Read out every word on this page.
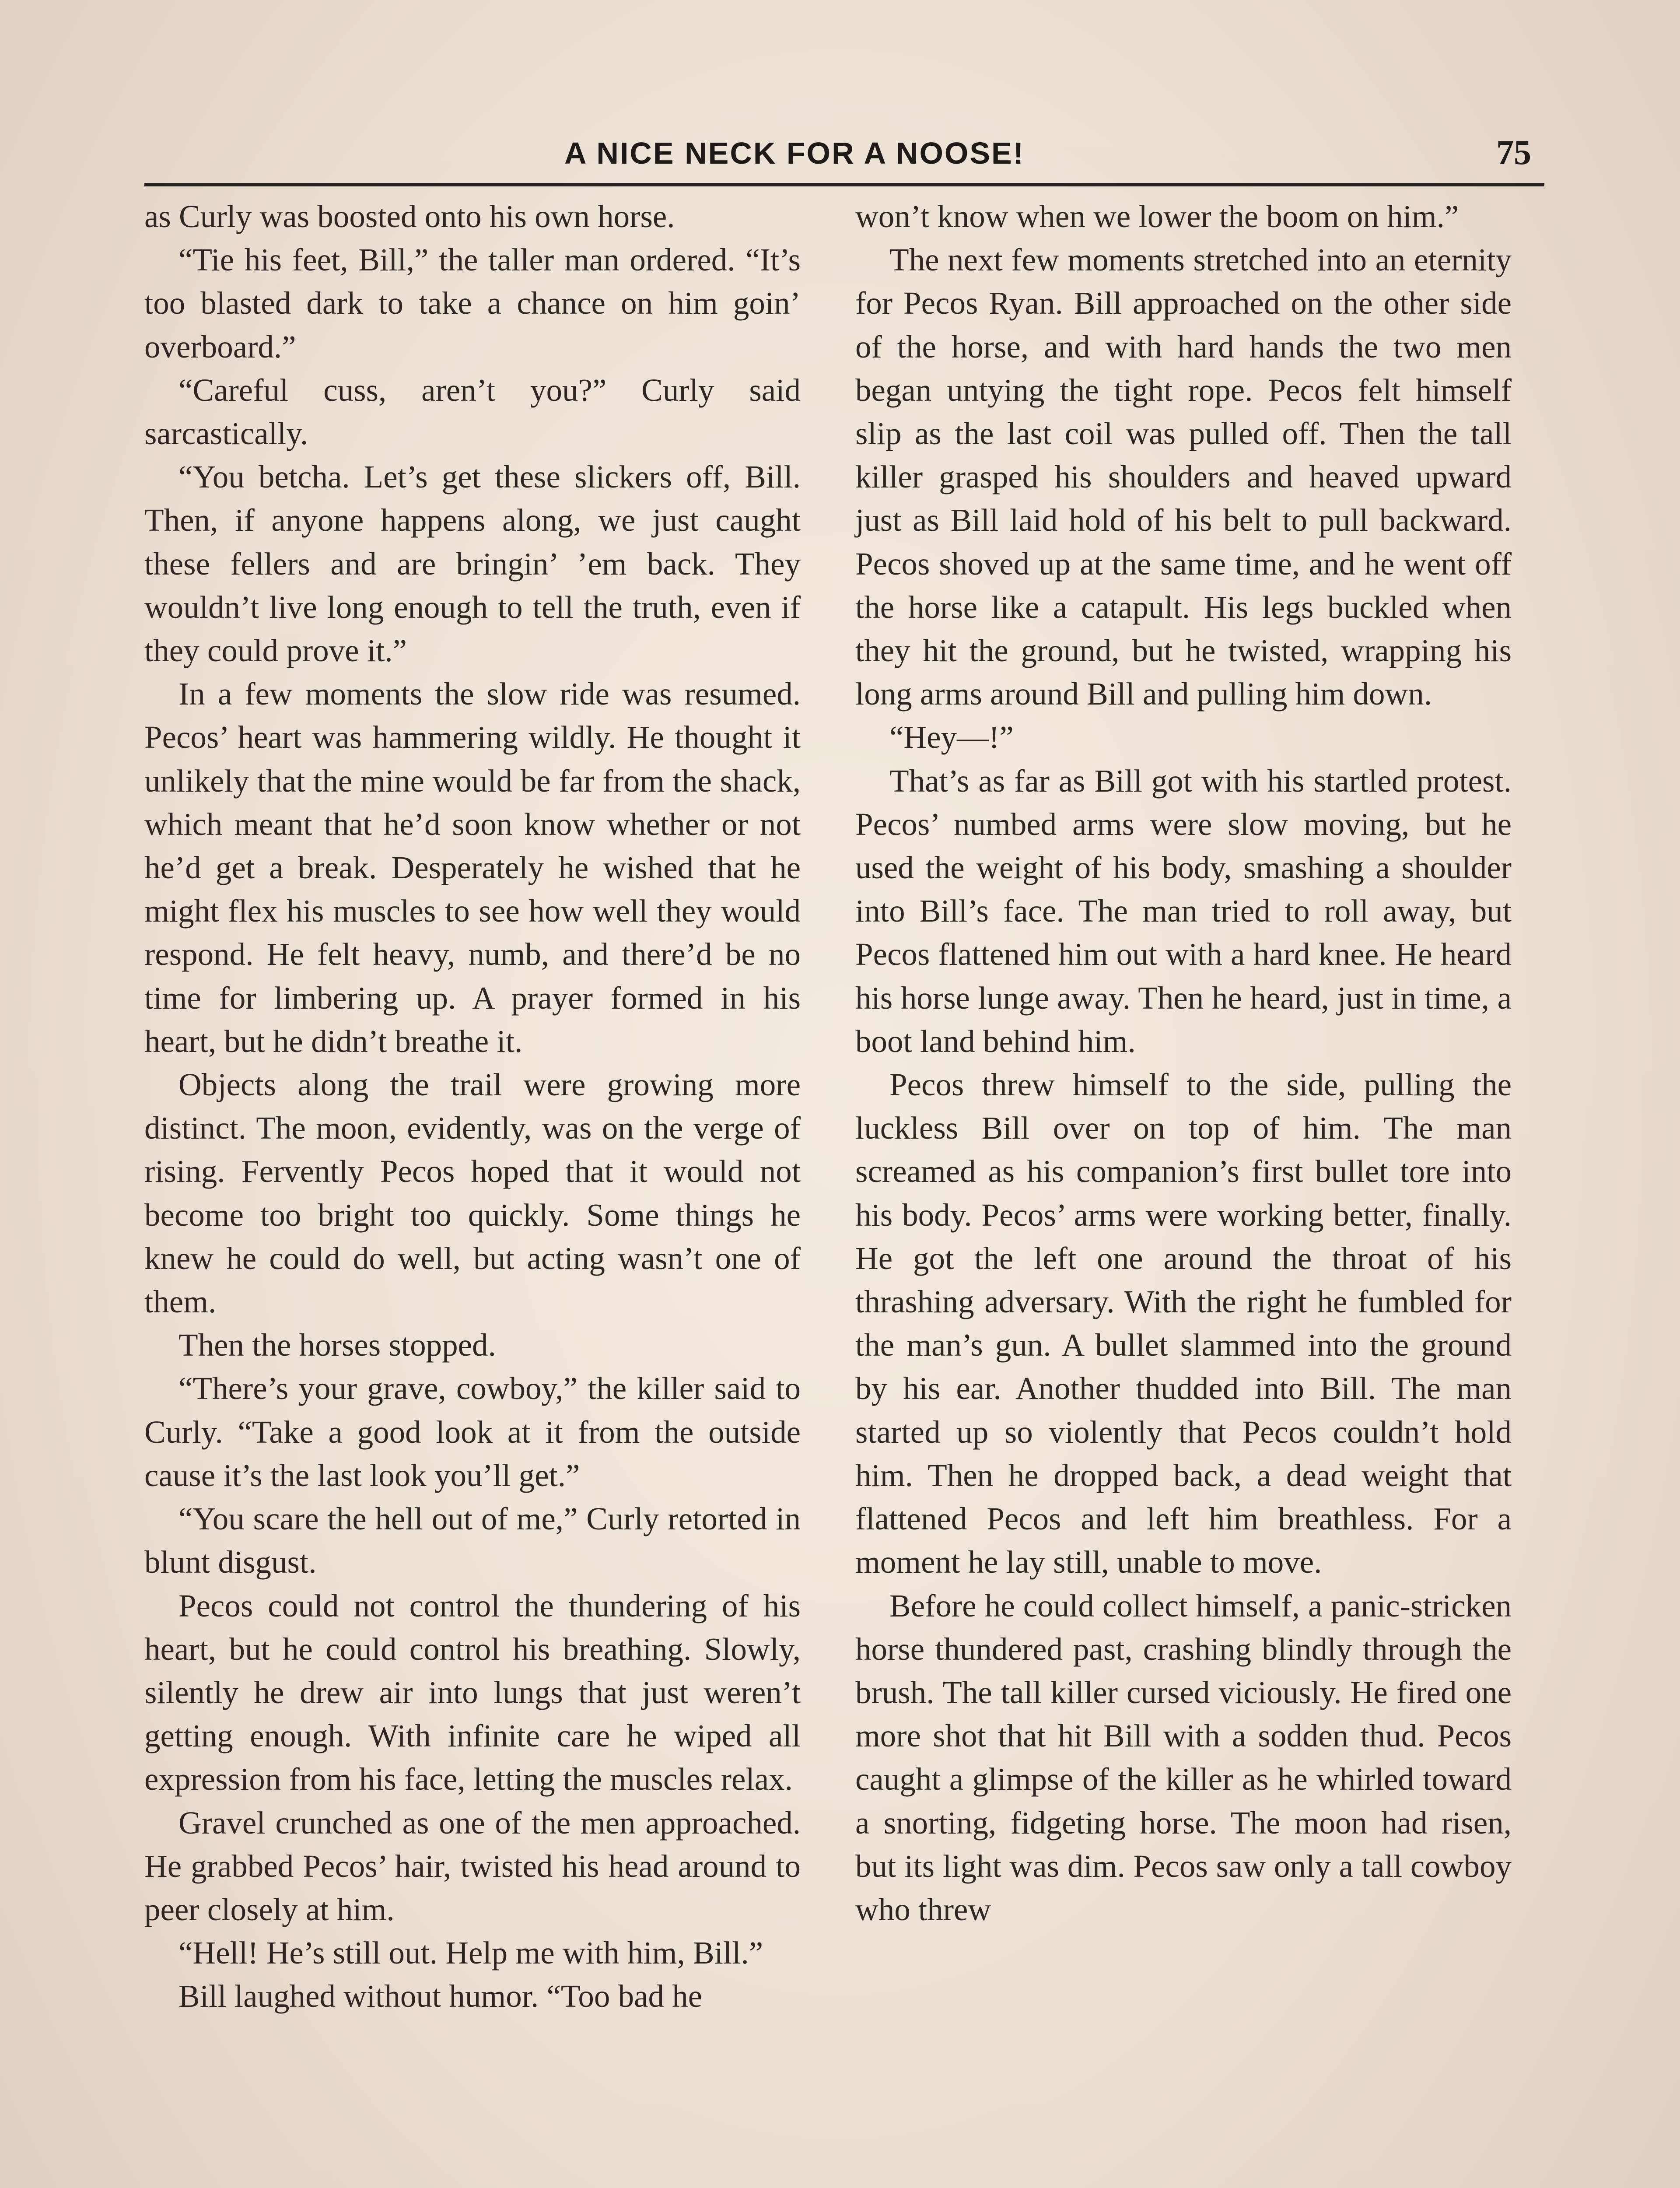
A NICE NECK FOR A NOOSE!	75

as Curly was boosted onto his own horse.

“Tie his feet, Bill,” the taller man ordered. “It’s too blasted dark to take a chance on him goin’ overboard.”

“Careful cuss, aren’t you?” Curly said sarcastically.

“You betcha. Let’s get these slickers off, Bill. Then, if anyone happens along, we just caught these fellers and are bringin’ ’em back. They wouldn’t live long enough to tell the truth, even if they could prove it.”

In a few moments the slow ride was resumed. Pecos’ heart was hammering wildly. He thought it unlikely that the mine would be far from the shack, which meant that he’d soon know whether or not he’d get a break. Desperately he wished that he might flex his muscles to see how well they would respond. He felt heavy, numb, and there’d be no time for limbering up. A prayer formed in his heart, but he didn’t breathe it.

Objects along the trail were growing more distinct. The moon, evidently, was on the verge of rising. Fervently Pecos hoped that it would not become too bright too quickly. Some things he knew he could do well, but acting wasn’t one of them.

Then the horses stopped.

“There’s your grave, cowboy,” the killer said to Curly. “Take a good look at it from the outside cause it’s the last look you’ll get.”

“You scare the hell out of me,” Curly retorted in blunt disgust.

Pecos could not control the thundering of his heart, but he could control his breathing. Slowly, silently he drew air into lungs that just weren’t getting enough. With infinite care he wiped all expression from his face, letting the muscles relax.

Gravel crunched as one of the men approached. He grabbed Pecos’ hair, twisted his head around to peer closely at him.

“Hell! He’s still out. Help me with him, Bill.”

Bill laughed without humor. “Too bad he

won’t know when we lower the boom on him.”

The next few moments stretched into an eternity for Pecos Ryan. Bill approached on the other side of the horse, and with hard hands the two men began untying the tight rope. Pecos felt himself slip as the last coil was pulled off. Then the tall killer grasped his shoulders and heaved upward just as Bill laid hold of his belt to pull backward. Pecos shoved up at the same time, and he went off the horse like a catapult. His legs buckled when they hit the ground, but he twisted, wrapping his long arms around Bill and pulling him down.

“Hey—!”

That’s as far as Bill got with his startled protest. Pecos’ numbed arms were slow moving, but he used the weight of his body, smashing a shoulder into Bill’s face. The man tried to roll away, but Pecos flattened him out with a hard knee. He heard his horse lunge away. Then he heard, just in time, a boot land behind him.

Pecos threw himself to the side, pulling the luckless Bill over on top of him. The man screamed as his companion’s first bullet tore into his body. Pecos’ arms were working better, finally. He got the left one around the throat of his thrashing adversary. With the right he fumbled for the man’s gun. A bullet slammed into the ground by his ear. Another thudded into Bill. The man started up so violently that Pecos couldn’t hold him. Then he dropped back, a dead weight that flattened Pecos and left him breathless. For a moment he lay still, unable to move.

Before he could collect himself, a panic-stricken horse thundered past, crashing blindly through the brush. The tall killer cursed viciously. He fired one more shot that hit Bill with a sodden thud. Pecos caught a glimpse of the killer as he whirled toward a snorting, fidgeting horse. The moon had risen, but its light was dim. Pecos saw only a tall cowboy who threw
